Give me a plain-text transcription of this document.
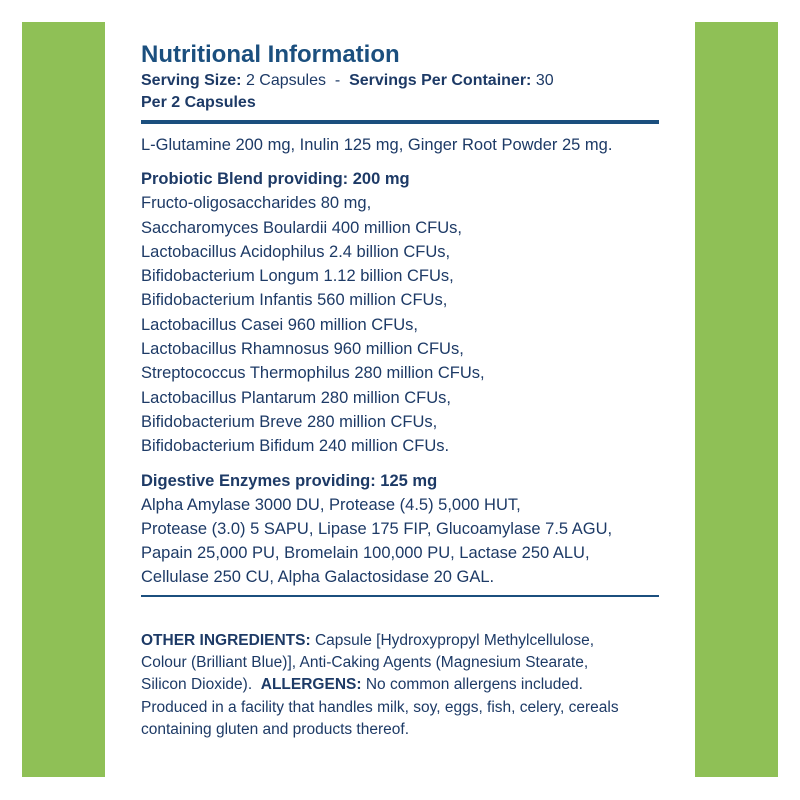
Nutritional Information
Serving Size: 2 Capsules - Servings Per Container: 30
Per 2 Capsules
L-Glutamine 200 mg, Inulin 125 mg, Ginger Root Powder 25 mg.
Probiotic Blend providing: 200 mg
Fructo-oligosaccharides 80 mg,
Saccharomyces Boulardii 400 million CFUs,
Lactobacillus Acidophilus 2.4 billion CFUs,
Bifidobacterium Longum 1.12 billion CFUs,
Bifidobacterium Infantis 560 million CFUs,
Lactobacillus Casei 960 million CFUs,
Lactobacillus Rhamnosus 960 million CFUs,
Streptococcus Thermophilus 280 million CFUs,
Lactobacillus Plantarum 280 million CFUs,
Bifidobacterium Breve 280 million CFUs,
Bifidobacterium Bifidum 240 million CFUs.
Digestive Enzymes providing: 125 mg
Alpha Amylase 3000 DU, Protease (4.5) 5,000 HUT,
Protease (3.0) 5 SAPU, Lipase 175 FIP, Glucoamylase 7.5 AGU,
Papain 25,000 PU, Bromelain 100,000 PU, Lactase 250 ALU,
Cellulase 250 CU, Alpha Galactosidase 20 GAL.
OTHER INGREDIENTS: Capsule [Hydroxypropyl Methylcellulose,
Colour (Brilliant Blue)], Anti-Caking Agents (Magnesium Stearate,
Silicon Dioxide). ALLERGENS: No common allergens included.
Produced in a facility that handles milk, soy, eggs, fish, celery, cereals
containing gluten and products thereof.
